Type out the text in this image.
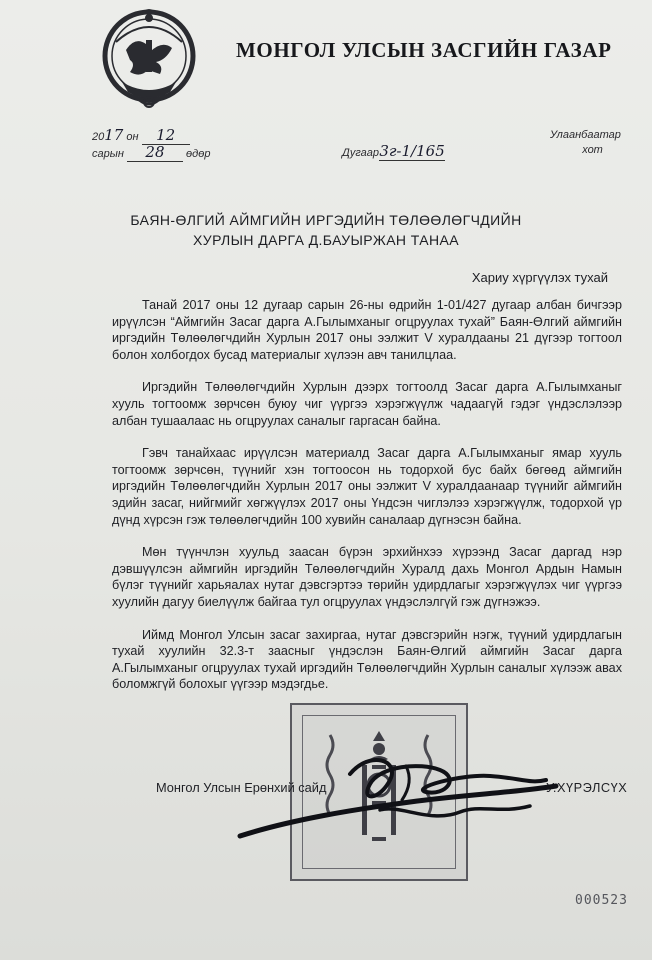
МОНГОЛ УЛСЫН ЗАСГИЙН ГАЗАР
2017 он 12
сарын 28 өдөр	Дугаар3г-1/165
Улаанбаатар
хот
БАЯН-ӨЛГИЙ АЙМГИЙН ИРГЭДИЙН ТӨЛӨӨЛӨГЧДИЙН
ХУРЛЫН ДАРГА Д.БАУЫРЖАН ТАНАА
Хариу хүргүүлэх тухай

Танай 2017 оны 12 дугаар сарын 26-ны өдрийн 1-01/427 дугаар албан бичгээр ирүүлсэн “Аймгийн Засаг дарга А.Гылымханыг огцруулах тухай” Баян-Өлгий аймгийн иргэдийн Төлөөлөгчдийн Хурлын 2017 оны ээлжит V хуралдааны 21 дүгээр тогтоол болон холбогдох бусад материалыг хүлээн авч танилцлаа.

Иргэдийн Төлөөлөгчдийн Хурлын дээрх тогтоолд Засаг дарга А.Гылымханыг хууль тогтоомж зөрчсөн буюу чиг үүргээ хэрэгжүүлж чадаагүй гэдэг үндэслэлээр албан тушаалаас нь огцруулах саналыг гаргасан байна.

Гэвч танайхаас ирүүлсэн материалд Засаг дарга А.Гылымханыг ямар хууль тогтоомж зөрчсөн, түүнийг хэн тогтоосон нь тодорхой бус байх бөгөөд аймгийн иргэдийн Төлөөлөгчдийн Хурлын 2017 оны ээлжит V хуралдаанаар түүнийг аймгийн эдийн засаг, нийгмийг хөгжүүлэх 2017 оны Үндсэн чиглэлээ хэрэгжүүлж, тодорхой үр дүнд хүрсэн гэж төлөөлөгчдийн 100 хувийн саналаар дүгнэсэн байна.

Мөн түүнчлэн хуульд заасан бүрэн эрхийнхээ хүрээнд Засаг даргад нэр дэвшүүлсэн аймгийн иргэдийн Төлөөлөгчдийн Хуралд дахь Монгол Ардын Намын бүлэг түүнийг харьяалах нутаг дэвсгэртээ төрийн удирдлагыг хэрэгжүүлэх чиг үүргээ хуулийн дагуу биелүүлж байгаа тул огцруулах үндэслэлгүй гэж дүгнэжээ.

Иймд Монгол Улсын засаг захиргаа, нутаг дэвсгэрийн нэгж, түүний удирдлагын тухай хуулийн 32.3-т заасныг үндэслэн Баян-Өлгий аймгийн Засаг дарга А.Гылымханыг огцруулах тухай иргэдийн Төлөөлөгчдийн Хурлын саналыг хүлээж авах боломжгүй болохыг үүгээр мэдэгдье.

Монгол Улсын Ерөнхий сайд	У.ХҮРЭЛСҮХ
000523
